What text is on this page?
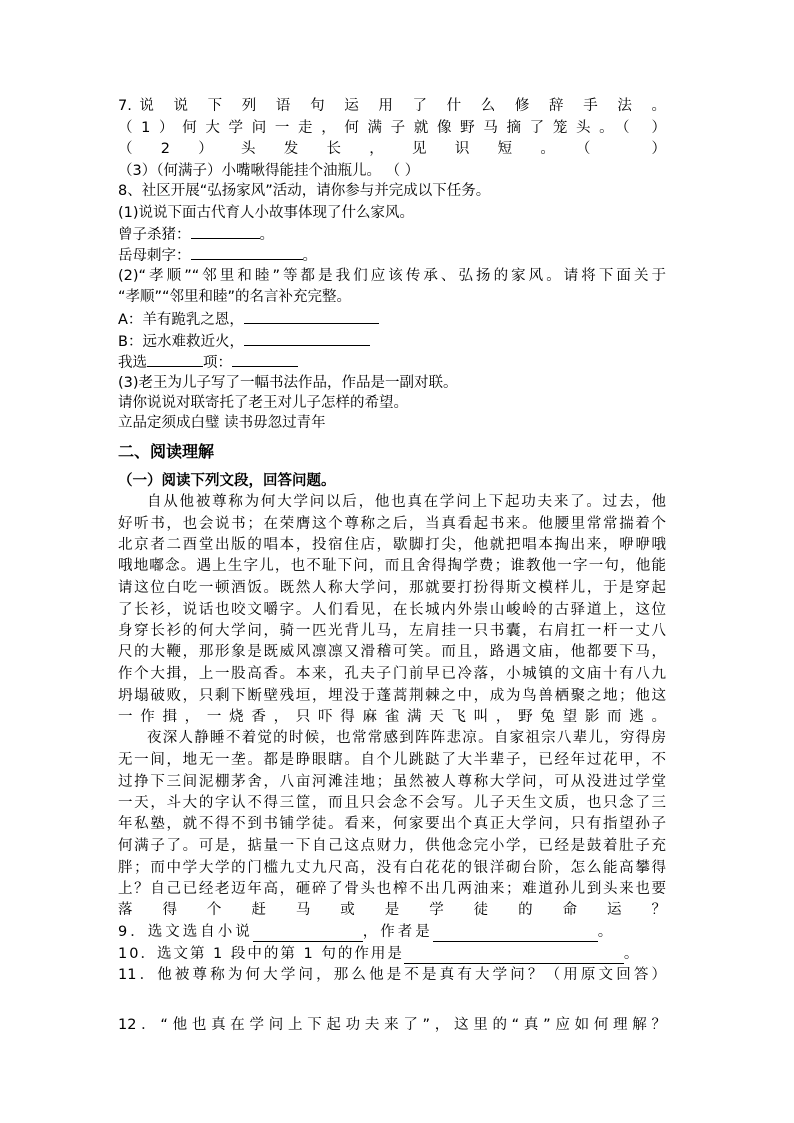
7.说 说 下 列 语 句 运 用 了 什 么 修 辞 手 法 。
（1）何大学问一走，何满子就像野马摘了笼头。（ ）
（2）头发长，见识短。（ ）
（3）（何满子）小嘴啾得能挂个油瓶儿。 （ ）
8、社区开展“弘扬家风”活动，请你参与并完成以下任务。
(1)说说下面古代育人小故事体现了什么家风。
曾子杀猪：	。
岳母刺字：	。
(2)“孝顺”“邻里和睦”等都是我们应该传承、弘扬的家风。请将下面关于
“孝顺”“邻里和睦”的名言补充完整。
A：羊有跪乳之恩，
B：远水难救近火，
我选	项：
(3)老王为儿子写了一幅书法作品，作品是一副对联。
请你说说对联寄托了老王对儿子怎样的希望。
立品定须成白璧 读书毋忽过青年
二、阅读理解
（一）阅读下列文段，回答问题。
自从他被尊称为何大学问以后，他也真在学问上下起功夫来了。过去，他
好听书，也会说书；在荣膺这个尊称之后，当真看起书来。他腰里常常揣着个
北京者二酉堂出版的唱本，投宿住店，歇脚打尖，他就把唱本掏出来，咿咿哦
哦地嘟念。遇上生字儿，也不耻下问，而且舍得掏学费；谁教他一字一句，他能
请这位白吃一顿酒饭。既然人称大学问，那就要打扮得斯文模样儿，于是穿起
了长衫，说话也咬文嚼字。人们看见，在长城内外崇山峻岭的古驿道上，这位
身穿长衫的何大学问，骑一匹光背儿马，左肩挂一只书囊，右肩扛一杆一丈八
尺的大鞭，那形象是既威风凛凛又滑稽可笑。而且，路遇文庙，他都要下马，
作个大揖，上一股高香。本来，孔夫子门前早已冷落，小城镇的文庙十有八九
坍塌破败，只剩下断壁残垣，埋没于蓬蒿荆棘之中，成为鸟兽栖聚之地；他这
一作揖，一烧香，只吓得麻雀满天飞叫，野兔望影而逃。
夜深人静睡不着觉的时候，也常常感到阵阵悲凉。自家祖宗八辈儿，穷得房
无一间，地无一垄。都是睁眼瞎。自个儿跳跶了大半辈子，已经年过花甲，不
过挣下三间泥棚茅舍，八亩河滩洼地；虽然被人尊称大学问，可从没进过学堂
一天，斗大的字认不得三筐，而且只会念不会写。儿子天生文质，也只念了三
年私塾，就不得不到书铺学徒。看来，何家要出个真正大学问，只有指望孙子
何满子了。可是，掂量一下自己这点财力，供他念完小学，已经是鼓着肚子充
胖；而中学大学的门槛九丈九尺高，没有白花花的银洋砌台阶，怎么能高攀得
上？自己已经老迈年高，砸碎了骨头也榨不出几两油来；难道孙儿到头来也要
落得个赶马或是学徒的命运？
9．选文选自小说	，作者是	。
10．选文第 1 段中的第 1 句的作用是	。
11．他被尊称为何大学问，那么他是不是真有大学问？（用原文回答）
12．“他也真在学问上下起功夫来了”，这里的“真”应如何理解？
